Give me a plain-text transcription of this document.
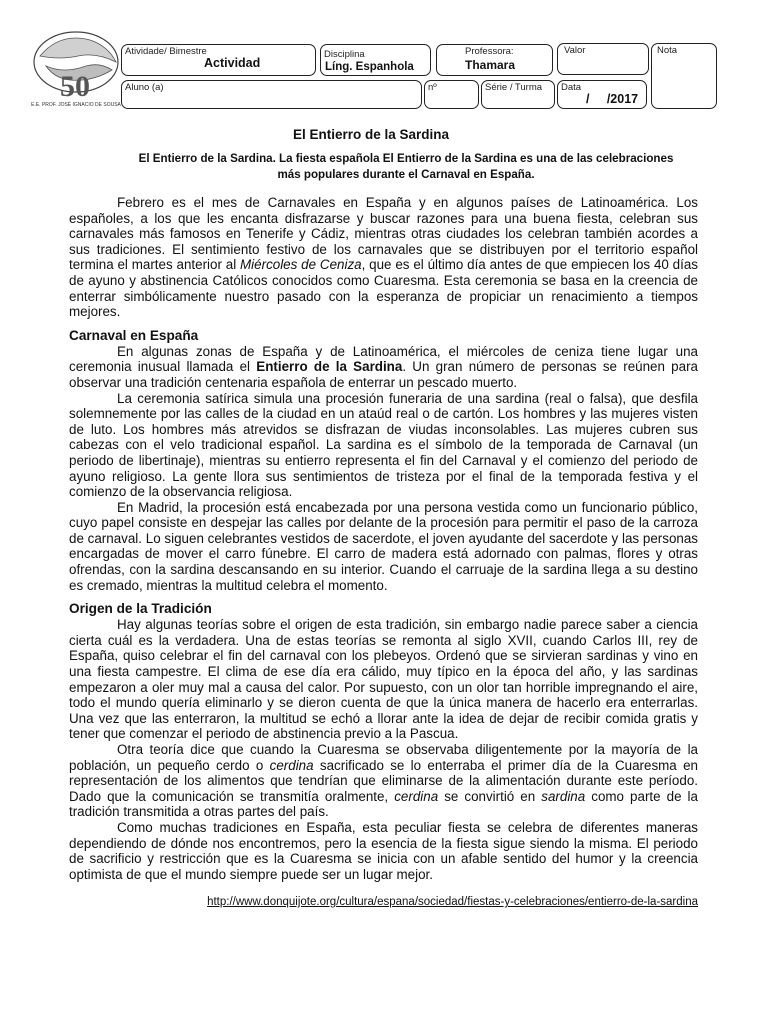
50
E.E. PROF. JOSÉ IGNACIO DE SOUSA
Atividade/ Bimestre
Actividad
Disciplina
Líng. Espanhola
Professora:
Thamara
Valor	Nota
Aluno (a)	nº	Série / Turma Data
/     /2017
El Entierro de la Sardina
El Entierro de la Sardina. La fiesta española El Entierro de la Sardina es una de las celebraciones más populares durante el Carnaval en España.

Febrero es el mes de Carnavales en España y en algunos países de Latinoamérica. Los españoles, a los que les encanta disfrazarse y buscar razones para una buena fiesta, celebran sus carnavales más famosos en Tenerife y Cádiz, mientras otras ciudades los celebran también acordes a sus tradiciones. El sentimiento festivo de los carnavales que se distribuyen por el territorio español termina el martes anterior al Miércoles de Ceniza, que es el último día antes de que empiecen los 40 días de ayuno y abstinencia Católicos conocidos como Cuaresma. Esta ceremonia se basa en la creencia de enterrar simbólicamente nuestro pasado con la esperanza de propiciar un renacimiento a tiempos mejores.

Carnaval en España

En algunas zonas de España y de Latinoamérica, el miércoles de ceniza tiene lugar una ceremonia inusual llamada el Entierro de la Sardina. Un gran número de personas se reúnen para observar una tradición centenaria española de enterrar un pescado muerto.

La ceremonia satírica simula una procesión funeraria de una sardina (real o falsa), que desfila solemnemente por las calles de la ciudad en un ataúd real o de cartón. Los hombres y las mujeres visten de luto. Los hombres más atrevidos se disfrazan de viudas inconsolables. Las mujeres cubren sus cabezas con el velo tradicional español. La sardina es el símbolo de la temporada de Carnaval (un periodo de libertinaje), mientras su entierro representa el fin del Carnaval y el comienzo del periodo de ayuno religioso. La gente llora sus sentimientos de tristeza por el final de la temporada festiva y el comienzo de la observancia religiosa.

En Madrid, la procesión está encabezada por una persona vestida como un funcionario público, cuyo papel consiste en despejar las calles por delante de la procesión para permitir el paso de la carroza de carnaval. Lo siguen celebrantes vestidos de sacerdote, el joven ayudante del sacerdote y las personas encargadas de mover el carro fúnebre. El carro de madera está adornado con palmas, flores y otras ofrendas, con la sardina descansando en su interior. Cuando el carruaje de la sardina llega a su destino es cremado, mientras la multitud celebra el momento.

Origen de la Tradición

Hay algunas teorías sobre el origen de esta tradición, sin embargo nadie parece saber a ciencia cierta cuál es la verdadera. Una de estas teorías se remonta al siglo XVII, cuando Carlos III, rey de España, quiso celebrar el fin del carnaval con los plebeyos. Ordenó que se sirvieran sardinas y vino en una fiesta campestre. El clima de ese día era cálido, muy típico en la época del año, y las sardinas empezaron a oler muy mal a causa del calor. Por supuesto, con un olor tan horrible impregnando el aire, todo el mundo quería eliminarlo y se dieron cuenta de que la única manera de hacerlo era enterrarlas. Una vez que las enterraron, la multitud se echó a llorar ante la idea de dejar de recibir comida gratis y tener que comenzar el periodo de abstinencia previo a la Pascua.

Otra teoría dice que cuando la Cuaresma se observaba diligentemente por la mayoría de la población, un pequeño cerdo o cerdina sacrificado se lo enterraba el primer día de la Cuaresma en representación de los alimentos que tendrían que eliminarse de la alimentación durante este período. Dado que la comunicación se transmitía oralmente, cerdina se convirtió en sardina como parte de la tradición transmitida a otras partes del país.

Como muchas tradiciones en España, esta peculiar fiesta se celebra de diferentes maneras dependiendo de dónde nos encontremos, pero la esencia de la fiesta sigue siendo la misma. El periodo de sacrificio y restricción que es la Cuaresma se inicia con un afable sentido del humor y la creencia optimista de que el mundo siempre puede ser un lugar mejor.

http://www.donquijote.org/cultura/espana/sociedad/fiestas-y-celebraciones/entierro-de-la-sardina
